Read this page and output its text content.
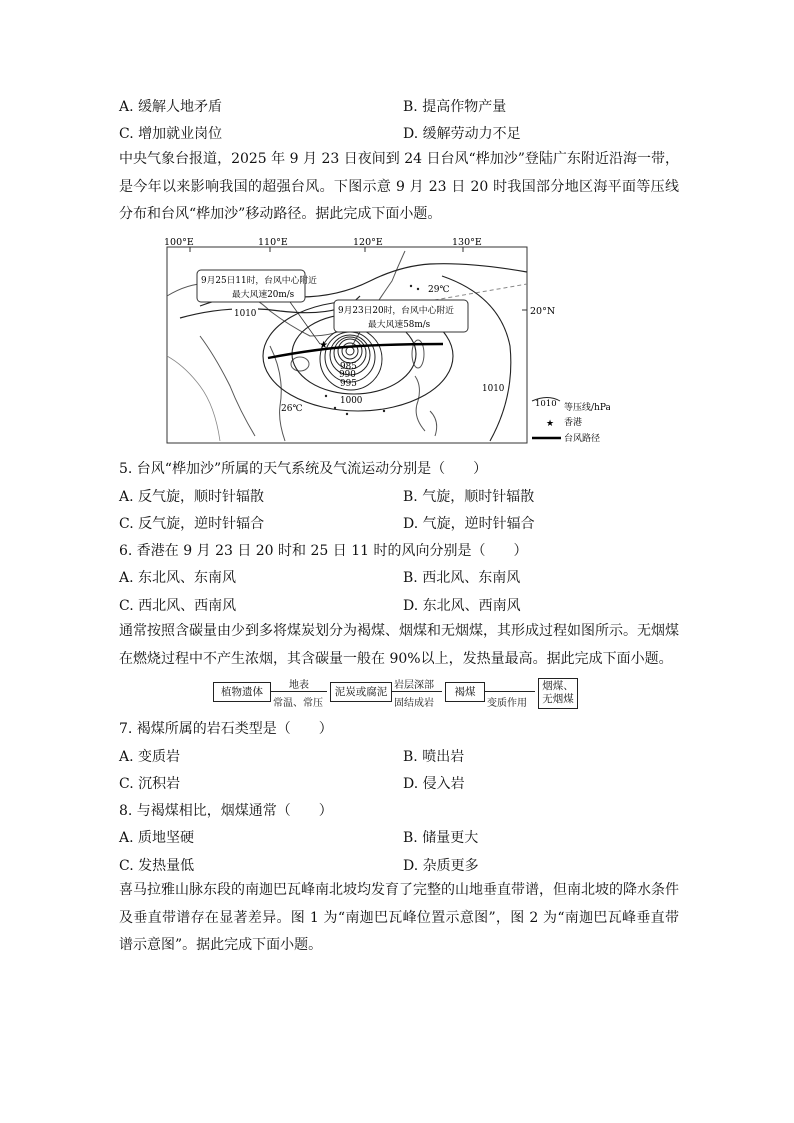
A. 缓解人地矛盾	B. 提高作物产量
C. 增加就业岗位	D. 缓解劳动力不足
中央气象台报道，2025 年 9 月 23 日夜间到 24 日台风“桦加沙”登陆广东附近沿海一带，是今年以来影响我国的超强台风。下图示意 9 月 23 日 20 时我国部分地区海平面等压线分布和台风“桦加沙”移动路径。据此完成下面小题。
100°E	110°E	120°E	130°E
20°N
★
9月25日11时，台风中心附近
最大风速20m/s
9月23日20时，台风中心附近
最大风速58m/s
1010
985
990
995
1000
1010
29℃
26℃	1010 等压线/hPa
★ 香港
台风路径
5. 台风“桦加沙”所属的天气系统及气流运动分别是（　　）
A. 反气旋，顺时针辐散	B. 气旋，顺时针辐散
C. 反气旋，逆时针辐合	D. 气旋，逆时针辐合
6. 香港在 9 月 23 日 20 时和 25 日 11 时的风向分别是（　　）
A. 东北风、东南风	B. 西北风、东南风
C. 西北风、西南风	D. 东北风、西南风
通常按照含碳量由少到多将煤炭划分为褐煤、烟煤和无烟煤，其形成过程如图所示。无烟煤在燃烧过程中不产生浓烟，其含碳量一般在 90%以上，发热量最高。据此完成下面小题。
植物遗体
地表
常温、常压
泥炭或腐泥
岩层深部
固结成岩
褐煤
变质作用
烟煤、
无烟煤
7. 褐煤所属的岩石类型是（　　）
A. 变质岩	B. 喷出岩
C. 沉积岩	D. 侵入岩
8. 与褐煤相比，烟煤通常（　　）
A. 质地坚硬	B. 储量更大
C. 发热量低	D. 杂质更多
喜马拉雅山脉东段的南迦巴瓦峰南北坡均发育了完整的山地垂直带谱，但南北坡的降水条件及垂直带谱存在显著差异。图 1 为“南迦巴瓦峰位置示意图”，图 2 为“南迦巴瓦峰垂直带谱示意图”。据此完成下面小题。
